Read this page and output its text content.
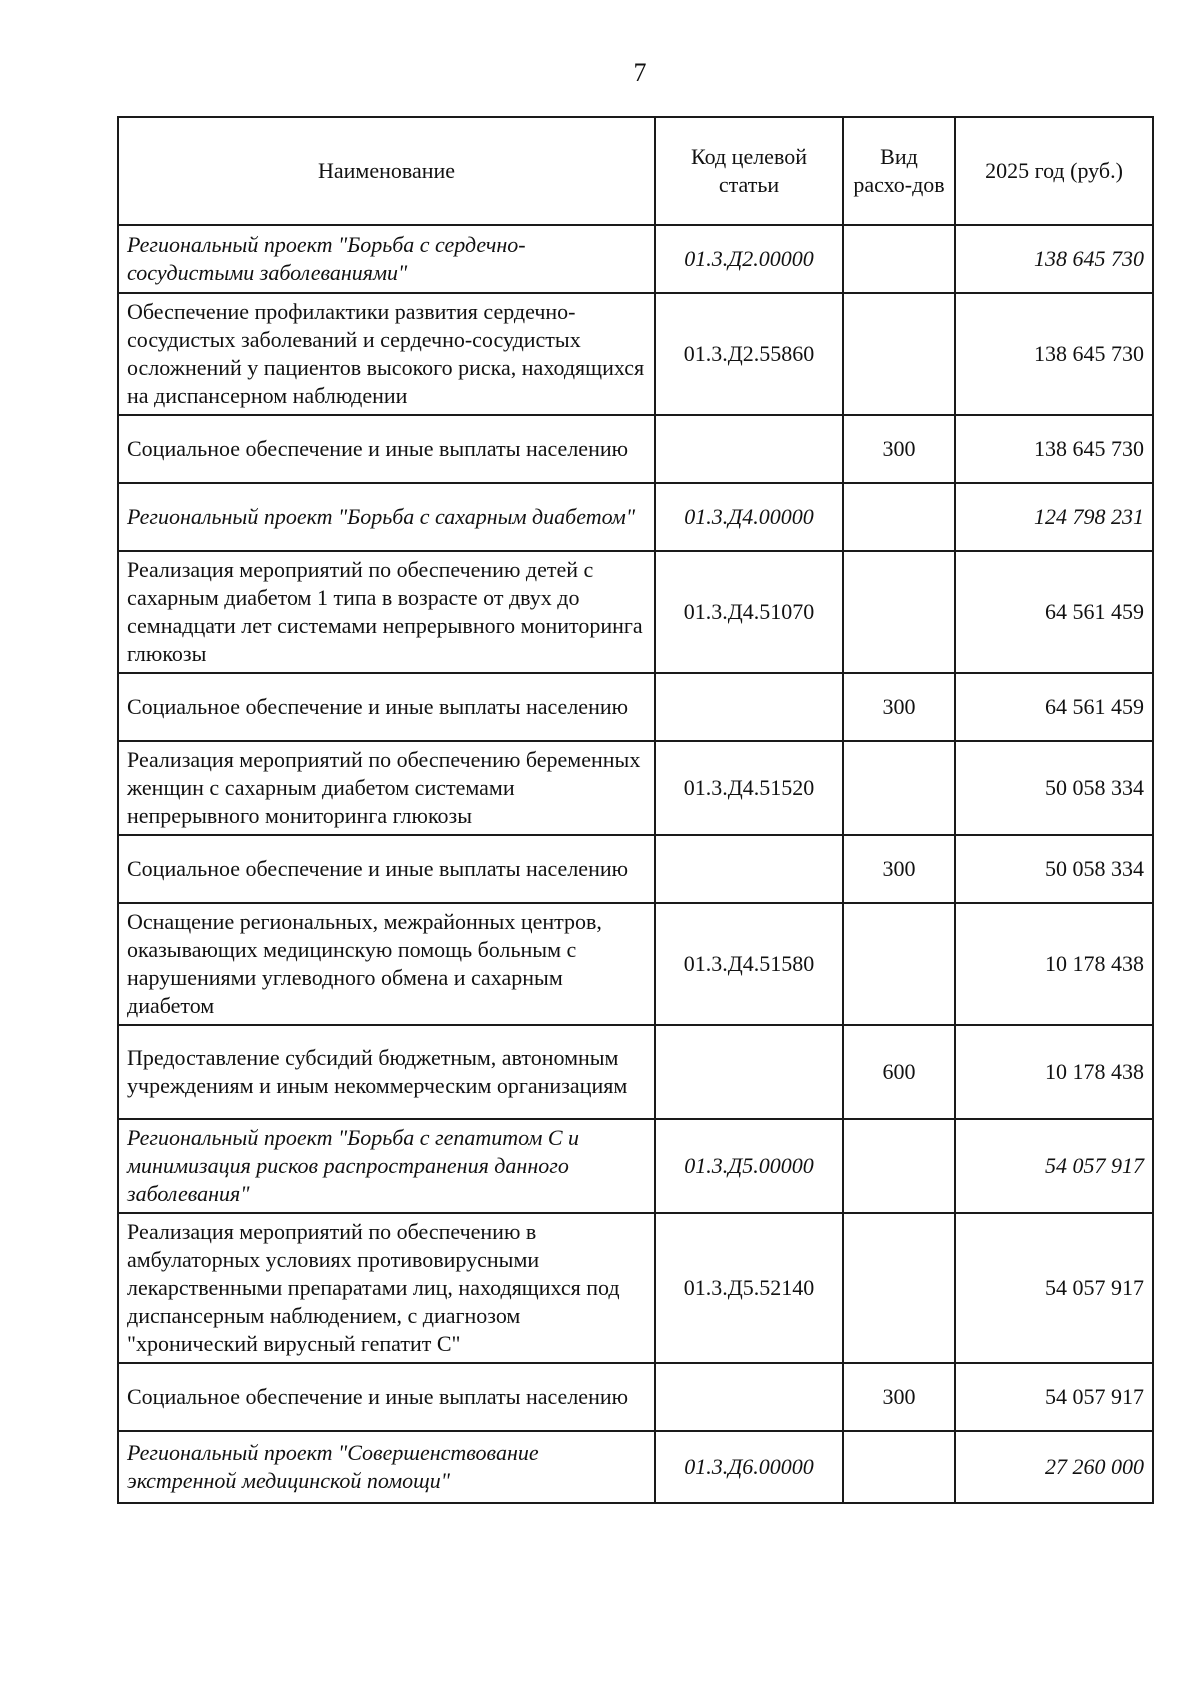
7
Наименование	Код целевой статьи	Вид расхо-дов	2025 год (руб.)
Региональный проект "Борьба с сердечно-сосудистыми заболеваниями"	01.3.Д2.00000		138 645 730
Обеспечение профилактики развития сердечно-сосудистых заболеваний и сердечно-сосудистых осложнений у пациентов высокого риска, находящихся на диспансерном наблюдении	01.3.Д2.55860		138 645 730
Социальное обеспечение и иные выплаты населению		300	138 645 730
Региональный проект "Борьба с сахарным диабетом"	01.3.Д4.00000		124 798 231
Реализация мероприятий по обеспечению детей с сахарным диабетом 1 типа в возрасте от двух до семнадцати лет системами непрерывного мониторинга глюкозы	01.3.Д4.51070		64 561 459
Социальное обеспечение и иные выплаты населению		300	64 561 459
Реализация мероприятий по обеспечению беременных женщин с сахарным диабетом системами непрерывного мониторинга глюкозы	01.3.Д4.51520		50 058 334
Социальное обеспечение и иные выплаты населению		300	50 058 334
Оснащение региональных, межрайонных центров, оказывающих медицинскую помощь больным с нарушениями углеводного обмена и сахарным диабетом	01.3.Д4.51580		10 178 438
Предоставление субсидий бюджетным, автономным учреждениям и иным некоммерческим организациям		600	10 178 438
Региональный проект "Борьба с гепатитом С и минимизация рисков распространения данного заболевания"	01.3.Д5.00000		54 057 917
Реализация мероприятий по обеспечению в амбулаторных условиях противовирусными лекарственными препаратами лиц, находящихся под диспансерным наблюдением, с диагнозом "хронический вирусный гепатит С"	01.3.Д5.52140		54 057 917
Социальное обеспечение и иные выплаты населению		300	54 057 917
Региональный проект "Совершенствование экстренной медицинской помощи"	01.3.Д6.00000		27 260 000
